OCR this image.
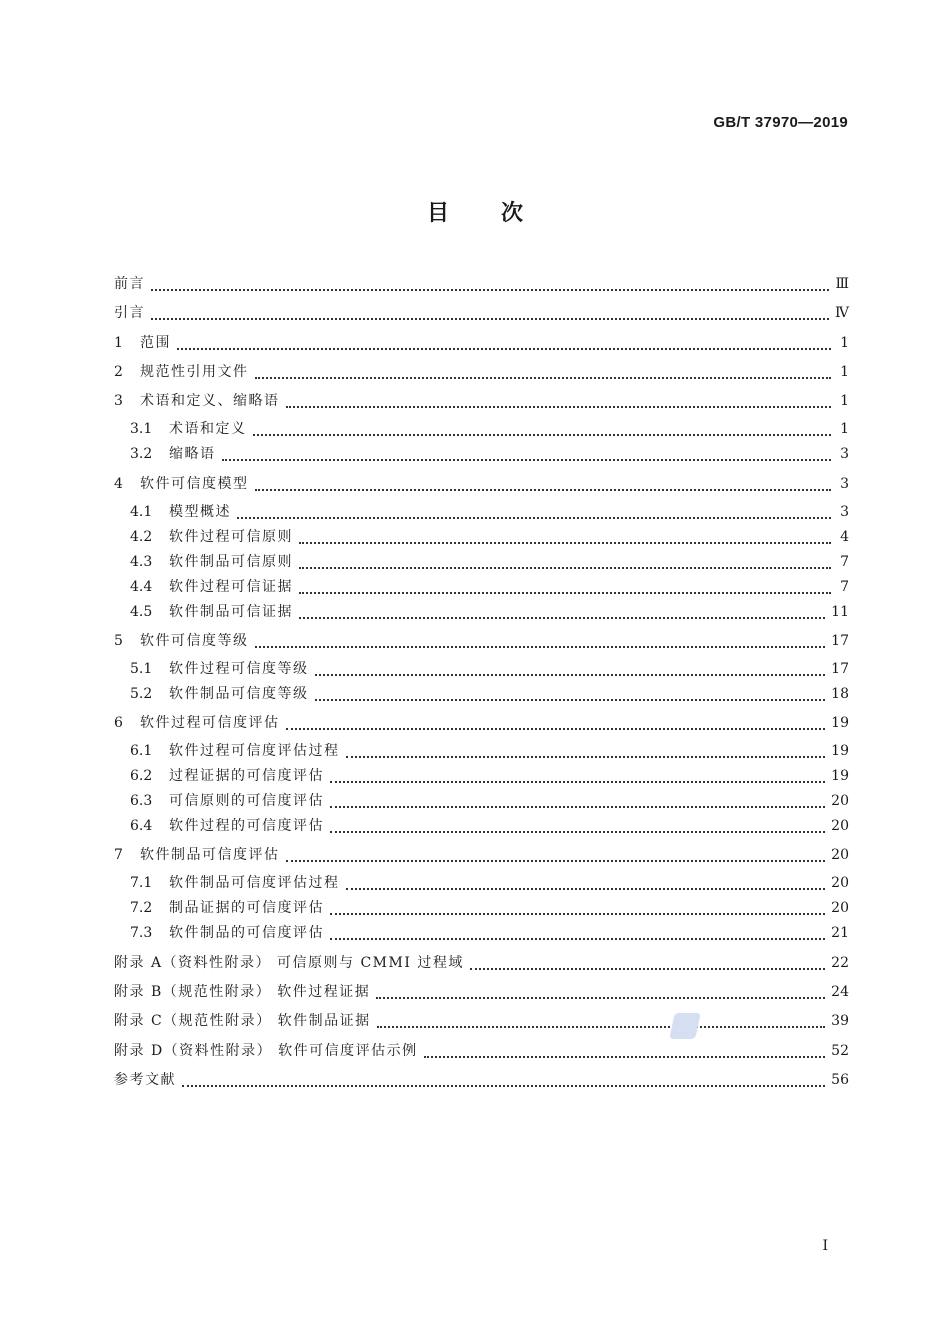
GB/T 37970—2019
目 次
前言	Ⅲ
引言	Ⅳ
1	范围	1
2	规范性引用文件	1
3	术语和定义、缩略语	1
3.1	术语和定义	1
3.2	缩略语	3
4	软件可信度模型	3
4.1	模型概述	3
4.2	软件过程可信原则	4
4.3	软件制品可信原则	7
4.4	软件过程可信证据	7
4.5	软件制品可信证据	11
5	软件可信度等级	17
5.1	软件过程可信度等级	17
5.2	软件制品可信度等级	18
6	软件过程可信度评估	19
6.1	软件过程可信度评估过程	19
6.2	过程证据的可信度评估	19
6.3	可信原则的可信度评估	20
6.4	软件过程的可信度评估	20
7	软件制品可信度评估	20
7.1	软件制品可信度评估过程	20
7.2	制品证据的可信度评估	20
7.3	软件制品的可信度评估	21
附录 A（资料性附录） 可信原则与 CMMI 过程域	22
附录 B（规范性附录） 软件过程证据	24
附录 C（规范性附录） 软件制品证据	39
附录 D（资料性附录） 软件可信度评估示例	52
参考文献	56
I
